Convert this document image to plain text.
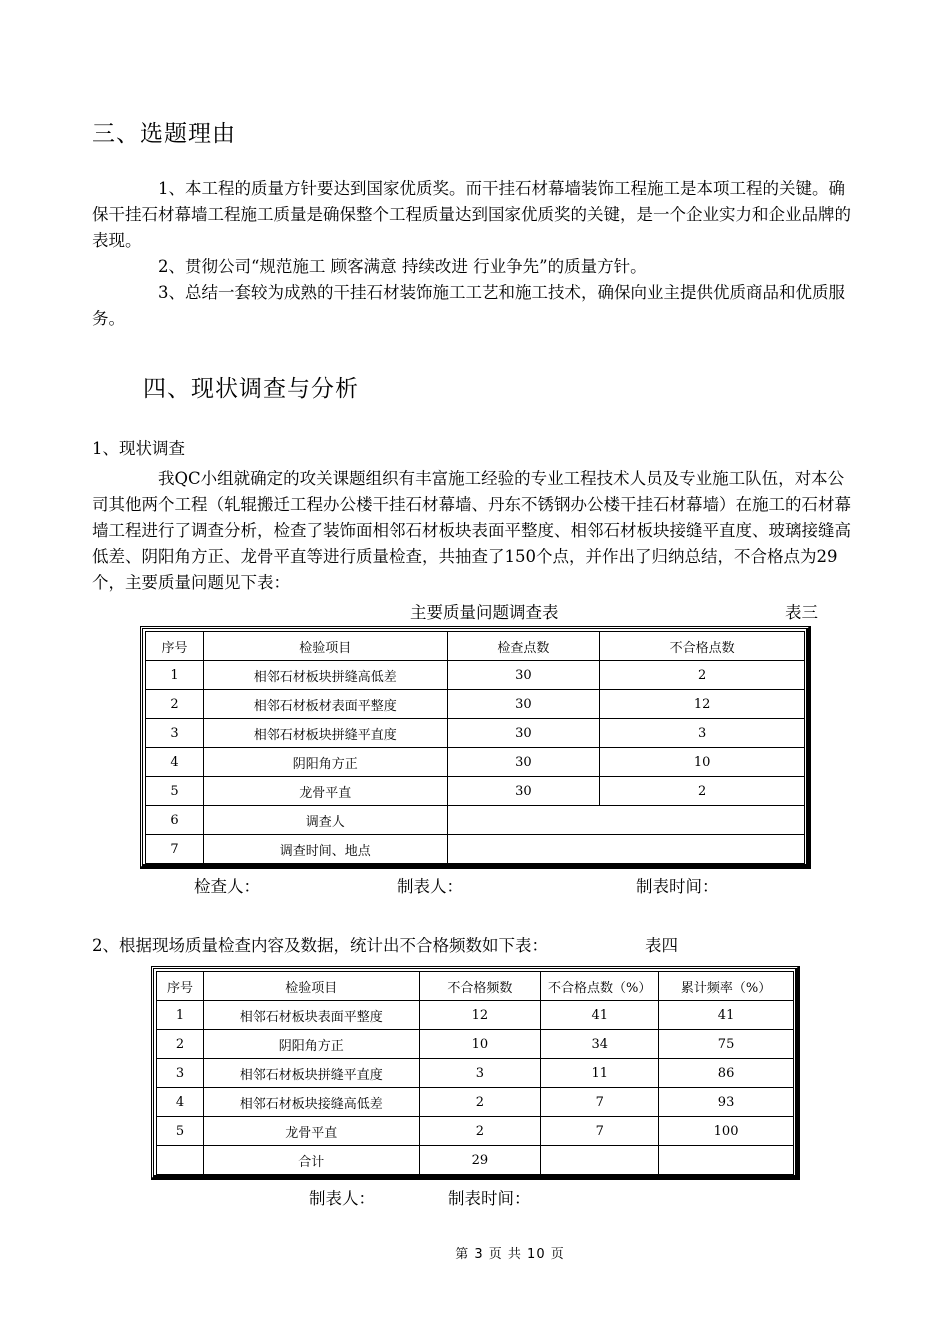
三、选题理由

1、本工程的质量方针要达到国家优质奖。而干挂石材幕墙装饰工程施工是本项工程的关键。确保干挂石材幕墙工程施工质量是确保整个工程质量达到国家优质奖的关键，是一个企业实力和企业品牌的表现。

2、贯彻公司“规范施工 顾客满意 持续改进 行业争先”的质量方针。

3、总结一套较为成熟的干挂石材装饰施工工艺和施工技术，确保向业主提供优质商品和优质服务。

四、现状调查与分析
1、现状调查

我QC小组就确定的攻关课题组织有丰富施工经验的专业工程技术人员及专业施工队伍，对本公司其他两个工程（轧辊搬迁工程办公楼干挂石材幕墙、丹东不锈钢办公楼干挂石材幕墙）在施工的石材幕墙工程进行了调查分析，检查了装饰面相邻石材板块表面平整度、相邻石材板块接缝平直度、玻璃接缝高低差、阴阳角方正、龙骨平直等进行质量检查，共抽查了150个点，并作出了归纳总结，不合格点为29个，主要质量问题见下表：

主要质量问题调查表	表三
序号	检验项目	检查点数	不合格点数
1	相邻石材板块拼缝高低差	30	2
2	相邻石材板材表面平整度	30	12
3	相邻石材板块拼缝平直度	30	3
4	阴阳角方正	30	10
5	龙骨平直	30	2
6	调查人		
7	调查时间、地点		
检查人：	制表人：	制表时间：
2、根据现场质量检查内容及数据，统计出不合格频数如下表：	表四
序号	检验项目	不合格频数	不合格点数（%）	累计频率（%）
1	相邻石材板块表面平整度	12	41	41
2	阴阳角方正	10	34	75
3	相邻石材板块拼缝平直度	3	11	86
4	相邻石材板块接缝高低差	2	7	93
5	龙骨平直	2	7	100
	合计	29		
制表人：	制表时间：
第 3 页 共 10 页
